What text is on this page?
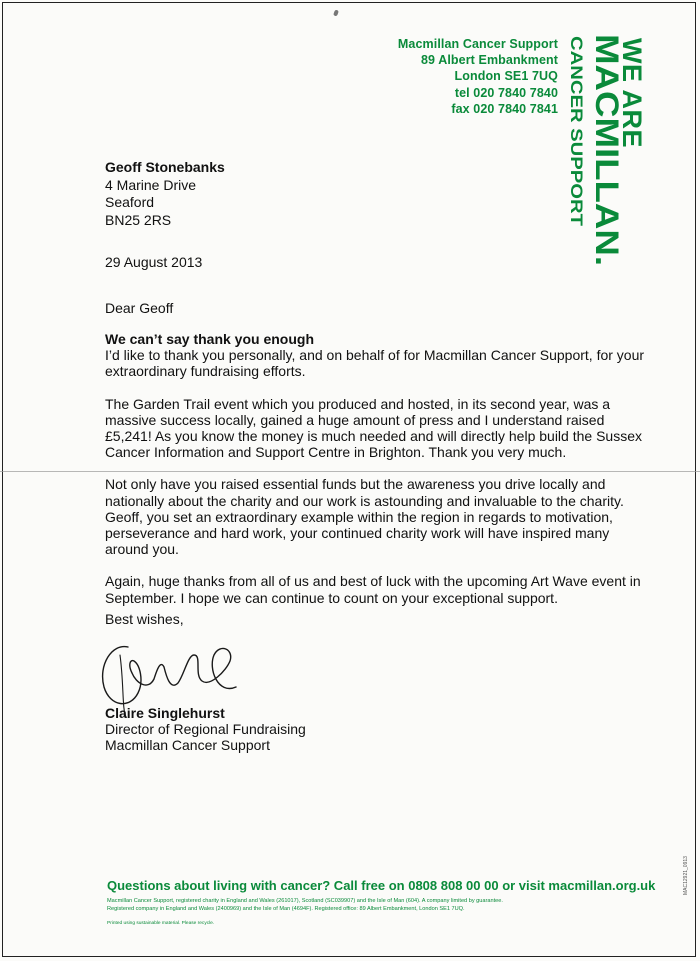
Macmillan Cancer Support
89 Albert Embankment
London SE1 7UQ
tel 020 7840 7840
fax 020 7840 7841 WE ARE
MACMILLAN.
CANCER SUPPORT
Geoff Stonebanks
4 Marine Drive
Seaford
BN25 2RS
29 August 2013
Dear Geoff

We can’t say thank you enough

I’d like to thank you personally, and on behalf of for Macmillan Cancer Support, for your extraordinary fundraising efforts.

The Garden Trail event which you produced and hosted, in its second year, was a massive success locally, gained a huge amount of press and I understand raised £5,241! As you know the money is much needed and will directly help build the Sussex Cancer Information and Support Centre in Brighton. Thank you very much.

Not only have you raised essential funds but the awareness you drive locally and nationally about the charity and our work is astounding and invaluable to the charity. Geoff, you set an extraordinary example within the region in regards to motivation, perseverance and hard work, your continued charity work will have inspired many around you.

Again, huge thanks from all of us and best of luck with the upcoming Art Wave event in September. I hope we can continue to count on your exceptional support.

Best wishes,
Claire Singlehurst
Director of Regional Fundraising
Macmillan Cancer Support
Questions about living with cancer? Call free on 0808 808 00 00 or visit macmillan.org.uk
Macmillan Cancer Support, registered charity in England and Wales (261017), Scotland (SC039907) and the Isle of Man (604). A company limited by guarantee.
Registered company in England and Wales (2400969) and the Isle of Man (4694F). Registered office: 89 Albert Embankment, London SE1 7UQ.
Printed using sustainable material. Please recycle.
MAC12921_0913
